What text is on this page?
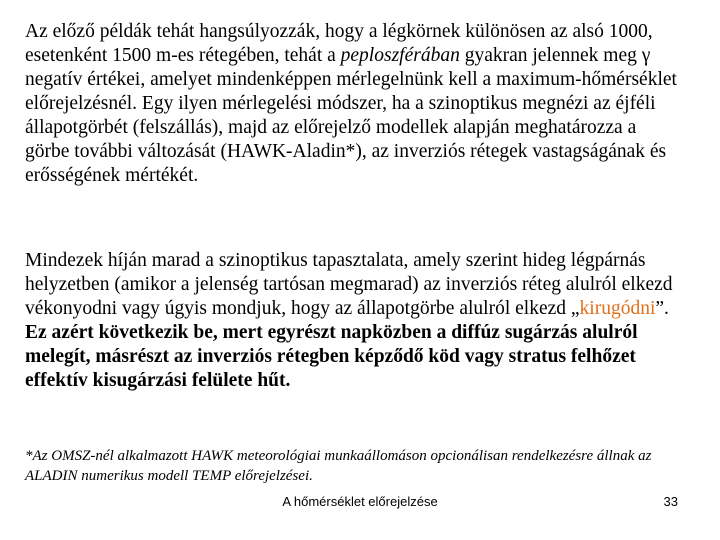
Az előző példák tehát hangsúlyozzák, hogy a légkörnek különösen az alsó 1000, esetenként 1500 m-es rétegében, tehát a peploszférában gyakran jelennek meg γ negatív értékei, amelyet mindenképpen mérlegelnünk kell a maximum-hőmérséklet előrejelzésnél. Egy ilyen mérlegelési módszer, ha a szinoptikus megnézi az éjféli állapotgörbét (felszállás), majd az előrejelző modellek alapján meghatározza a görbe további változását (HAWK-Aladin*), az inverziós rétegek vastagságának és erősségének mértékét.

Mindezek híján marad a szinoptikus tapasztalata, amely szerint hideg légpárnás helyzetben (amikor a jelenség tartósan megmarad) az inverziós réteg alulról elkezd vékonyodni vagy úgyis mondjuk, hogy az állapotgörbe alulról elkezd „kirugódni”. Ez azért következik be, mert egyrészt napközben a diffúz sugárzás alulról melegít, másrészt az inverziós rétegben képződő köd vagy stratus felhőzet effektív kisugárzási felülete hűt.

*Az OMSZ-nél alkalmazott HAWK meteorológiai munkaállomáson opcionálisan rendelkezésre állnak az ALADIN numerikus modell TEMP előrejelzései.

A hőmérséklet előrejelzése	33
